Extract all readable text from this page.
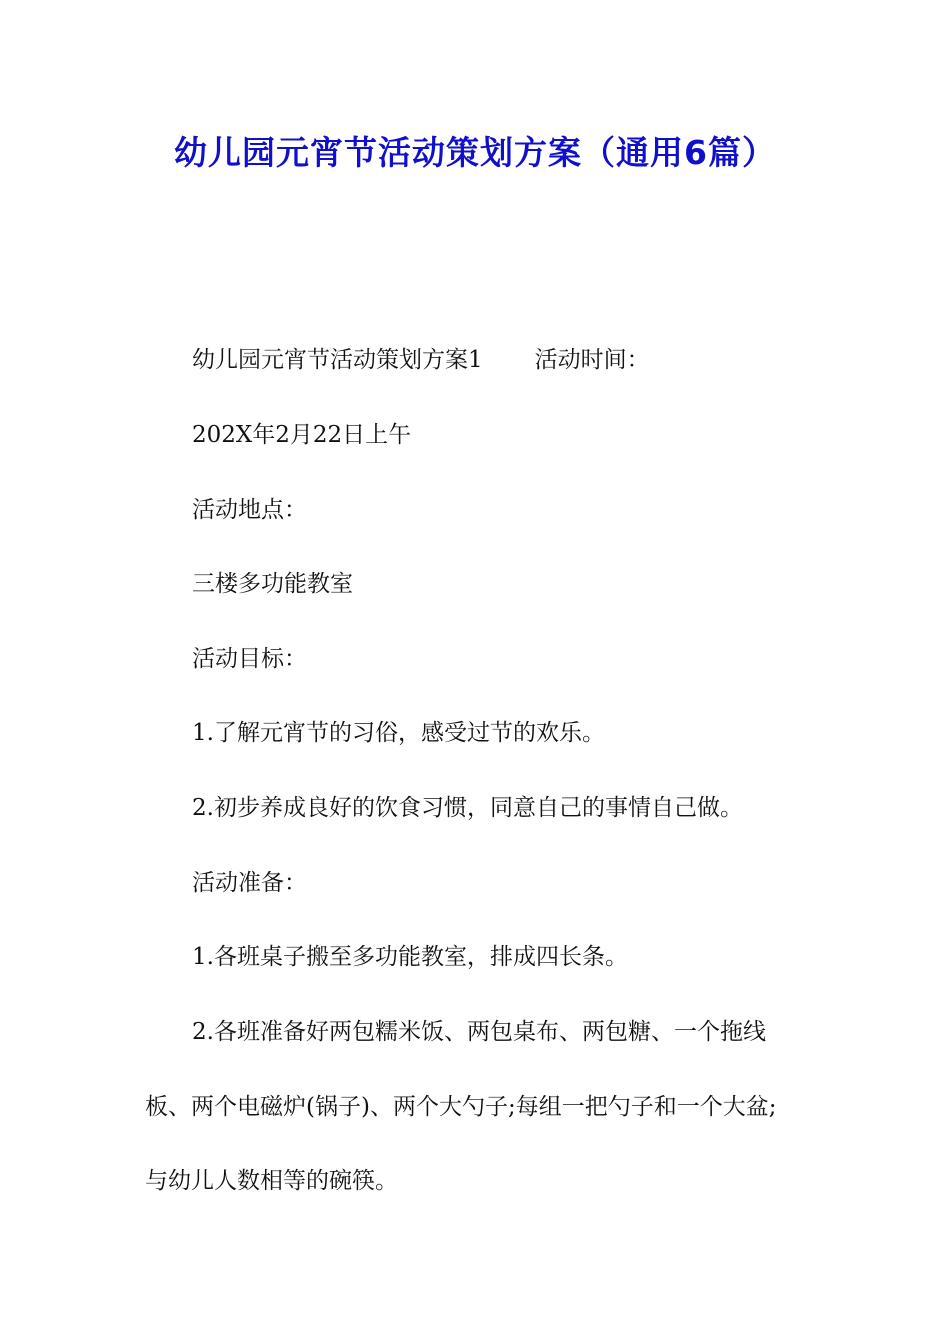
幼儿园元宵节活动策划方案（通用6篇）
幼儿园元宵节活动策划方案1 活动时间：
202X年2月22日上午
活动地点：
三楼多功能教室
活动目标：
1.了解元宵节的习俗，感受过节的欢乐。
2.初步养成良好的饮食习惯，同意自己的事情自己做。
活动准备：
1.各班桌子搬至多功能教室，排成四长条。
2.各班准备好两包糯米饭、两包桌布、两包糖、一个拖线
板、两个电磁炉(锅子)、两个大勺子;每组一把勺子和一个大盆;
与幼儿人数相等的碗筷。
